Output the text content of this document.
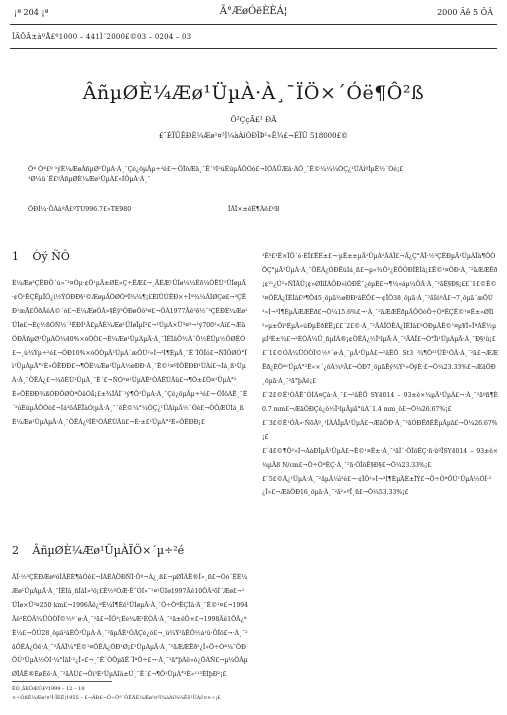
¡ª 204 ¡ª	Ã°ÆøÓëÈÈÁ¦	2000 Äê 5 ÔÂ
ÎÄÕÂ±àºÅ£º1000 – 441Ì´2000£©03 – 0204 – 03
ÂñµØÈ¼Æø¹ÜµÀ·À¸¯ÏÖ×´Óë¶Ô²ß
Ö²ÇçÃ£¹ ÐÂ
£¨ÉÏÛÊÐÈ¼Æø¹¤³Ì¼àÀíÓÐÏÞ¹«Ë¾£¬ÉÏÛ 518000£©
Õª Òª£º ¹ýÈ¼ÆøÂñµØ¹ÜµÀ·À¸¯Çé¿öµÄµ÷²é£¬·ÖÎöÆä¸¯Ê´ºÍ²úÉúµÄÔÒò£¬ÌÖÂÛÆä·ÀÖ¸¯Ê©¼¼¼ÓÇ¿¹ÜÀíºÍµÈ½¨Òé¡£
¹Ø¼ü´Ê£ºÂñµØÈ¼Æø¹ÜµÀ£»ÍÔµÀ·À¸¯
ÖÐÍ¼·ÖÀàºÅ£ºTU996.7£»TE980	ÎÄÏ×±êÊ¶Âë£ºB
1 Òý ÑÔ
È¼Æø³ÇÊÐÖ´ú»¯¹¤Òµ·¢Õ¹µÄ±ØÈ»Ç÷ÊÆ£¬¸ÄÉÆ¹ÜÍø¼¼Êõ¼ÓËÙ¹ÜÍøµÄ·¢Õ¹ÊÇÊµÏÖ¿ì½ÝÓÐÐ§¹©ÆøµÄÖØÒªÍ¾¾¶¡£ÉîÛÚÊÐ×÷Îª¾¼ÃÌØÇø£¬³ÇÊÐ¹æÄ£ÖðÄêÀ©´ó£¬È¼ÆøÓÃ»§Êý³ÖÐøÔö³¤£¬ÖÁ1977Äê³õ½¨³ÇÊÐÈ¼Æø¹ÜÍø£¬Èç½ñÒÑ½¨³ÉÐÍ¹Ä£µÄÈ¼Æø¹ÜÍøÏµÍ³£¬¹ÜµÀ×Ü³¤³¬¹ý700¹«Àï£¬ÆäÖÐÂñµØ¹ÜµÀÕ¼40%×óÓÒ£¬È¼Æø¹ÜµÀµÄ·À¸¯ÎÊÌâÔ½À´Ô½ÊÜµ½ÖØÊÓ£¬¸ù¾Ýµ÷²é£¬ÓÐ10%×óÓÒµÄ¹ÜµÀ´æÔÚ²»Í¬³Ì¶ÈµÄ¸¯Ê´ÏÖÏó£¬ÑÏÖØÓ°Ïì¹ÜµÀµÄ°²È«ÔËÐÐ£¬¶ÔÈ¼Æø¹ÜµÀ½øÐÐ·À¸¯Ê©¹¤ºÍÔËÐÐ¹ÜÀí£¬Ìá¸ß¹ÜµÀ·À¸¯ÖÊÁ¿£¬¼õÉÙ¹ÜµÀ¸¯Ê´£¬ÑÓ³¤¹ÜµÀÊ¹ÓÃÊÙÃü£¬¶Ô±£Ö¤¹ÜµÀ°²È«ÔËÐÐ¾ßÓÐÖØÒªÒâÒå¡£±¾ÎÄÍ¨¹ý¶Ô¹ÜµÀ·À¸¯Çé¿öµÄµ÷²é£¬·ÖÎöÁË¸¯Ê´²úÉúµÄÔÒò£¬Ìá³öÁËÏàÓ¦µÄ·À¸¯´ëÊ©¼°¼ÓÇ¿¹ÜÀíµÄ½¨Òé£¬ÒÔÆÚÌá¸ßÈ¼Æø¹ÜµÀµÄ·À¸¯ÖÊÁ¿ºÍÊ¹ÓÃÊÙÃü£¬È·±£¹ÜµÀ°²È«ÔËÐÐ¡£
2 ÂñµØÈ¼Æø¹ÜµÀÏÖ×´µ÷²é
ÄÏ·½³ÇÊÐÆøºòÎÂÈÈ¶àÓê£¬ÍÁÈÀÖÐÑÎ·Öº¬Á¿¸ß£¬µØÏÂË®Î»¸ß£¬Òò´ËÈ¼Æø¹ÜµÀµÄ·À¸¯ÎÊÌâ¸ñÍâÍ»³ö¡£É½ºÓÆ·Ê¯ÓÍ»¯¹¤¹ÜÍø1997Äê10ÔÂ³õÍ¨Æø£¬¹ÜÍø×Ü³¤250 km£¬1996Äê¿ªÊ¼Í¶Èë¹ÜÍøµÄ·À¸¯Ö÷ÒªÊÇÍâ·À¸¯Ê©¹¤£¬1994Äê²ÉÓÃ¾ÛÒÒÏ©½º´ø·À¸¯²ã£¬ÏÖ³¡Éè¼Æ²ÉÓÃ·À¸¯²ã±êÖ×£¬1998Äê1ÔÂ¿ªÊ¼£¬ÔÚ28¸öµã²âÊÔ¹ÜµÀ·À¸¯²ãµÄÊ¹ÓÃÇé¿ö£¬¸ù¾Ý²âÊÔ½á¹û·ÖÎö£¬·À¸¯²ãÖÊÁ¿Óë·À¸¯²ÄÁÏ¼°Ê©¹¤ÖÊÁ¿ÓÐ¹Ø¡£¹ÜµÀµÄ·À¸¯²ãÆÆËð²¿Î»Ö÷Òª¼¯ÖÐÔÚ¹ÜµÀ½ÓÍ·¼°ÍäÍ·²¿Î»£¬¸¯Ê´ÒÔµãÊ´ÎªÖ÷£¬·À¸¯²ã°þÀë»ò¿ÕÁÑ£¬µ¼ÖÂµØÏÂË®ÉøÈë·À¸¯²ãÄÚ£¬Ôì³É¹ÜµÀÍâ±Ú¸¯Ê´£¬¶Ô¹ÜµÀ°²È«¹¹³ÉÍþÐ²¡£
¹Ê³£¹Ê×ÏÖ´ó·ÉÏ£ËÉ±£¬·µÊ±±µÄ¹ÜµÀ²ÄÁÏ£¬Ä¿Ç°ÄÏ·½³ÇÊÐµÄ¹ÜµÀÏà¶ÔÒÔÇ°µÄ¹ÜµÀ·À¸¯ÖÊÁ¿ÓÐËùÌá¸ß£¬µ«¾Ö²¿ÈÔÓÐÎÊÌâ¡£Ê©¹¤ÖÐ·À¸¯²ãÆÆËð¡¢²¹¿Ú²»ÑÏÃÜ¡¢»ØÌîÍÁÖÐ»ìÓÐÊ¯¿éµÈ£¬¶¼»áµ¼ÖÂ·À¸¯²ãÊ§Ð§¡££¨1£©Ê©¹¤ÖÊÁ¿ÎÊÌâ£º¶Ô45¸öµã½øÐÐ²âÊÔ£¬·¢ÏÖ38¸öµã·À¸¯²ãÍêºÃ£¬7¸öµã´æÔÚ²»Í¬³Ì¶ÈµÄÆÆËð£¬Õ¼15.6%£¬·À¸¯²ãÆÆËðµÄÔÒòÖ÷ÒªÊÇÊ©¹¤Ê±»ØÌî²»µ±Ôì³ÉµÄ»úÐµËðÉË¡££¨2£©·À¸¯²ÄÁÏÖÊÁ¿ÎÊÌâ£ºÓÐµÄÊ©¹¤µ¥Î»ÎªÁË½µµÍ³É±¾£¬²ÉÓÃ¼Û¸ñµÍÁ®¡¢ÖÊÁ¿½Ï²îµÄ·À¸¯²ÄÁÏ£¬Ó°Ïì¹ÜµÀµÄ·À¸¯Ð§¹û¡£
£¨1£©ÓÃ¾ÛÒÒÏ©½º´ø·À¸¯µÄ¹ÜµÀ£¬²âÊÔ St3 ¾¶Ô²¹ÜÊ¹ÓÃ·À¸¯²ã£¬ÆÆËð¿ÉÖª¹ÜµÀ°²È«×´¿öÁ¼ºÃ£¬ÓÐ7¸öµãÊý¾Ý²»ÕýÈ·£¬Õ¼23.33%£¬ÆäÖÐ¸öµã·À¸¯²ã°þÀë¡£
£¨2£©Ê¹ÓÃÊ¯ÓÍÁ¤Çà·À¸¯£¬²âÊÔ SY4014 – 93±ê×¼µÄ¹ÜµÀ£¬·À¸¯²ãºñ¶È0.7 mm£¬ÆäÖÐÇé¿ö½Ï²îµÄµã°üÀ¨1.4 mm¸ö£¬Õ¼26.67%¡£
£¨3£©Ê¹ÓÃ»·ÑõÃº¸¹ÍÀÁÏµÄ¹ÜµÀ£¬ÆäÖÐ·À¸¯²ãÓÐËðÉËµÄµã£¬Õ¼26.67%¡£
£¨4£©¶Ô²»Í¬ÀàÐÍµÄ¹ÜµÀ£¬Ê©¹¤Ê±·À¸¯²ãÎ´·ÖÎöÊÇ·ñ·ûºÏSY4014 – 93±ê×¼µÄ8 N/cm£¬Ö÷ÒªÊÇ·À¸¯²ã·ÖÎöÊ§Ð§£¬Õ¼23.33%¡£
£¨5£©Ã¿¹ÜµÀ·À¸¯²ãµÄ¼ì²é£¬·¢ÏÖ²»Í¬³Ì¶ÈµÄÈ±ÏÝ£¬Ö÷ÒªÔÚ¹ÜµÀ½ÓÍ·²¿Î»£¬ÆäÖÐ16¸öµã·À¸¯²ã²»ºÏ¸ñ£¬Õ¼53.33%¡£
ÊÕ¸åÈÕÆÚ£º1999 – 12 – 10
×÷ÕßÈ¼Æø¹¤³Ì·ÏÈÊ¦1955 – £¬ÄÐ£¬Ö÷Òª´ÓÊÂÈ¼Æø¹¤³Ì¼àÀí¼¼Êõ¹ÜÀí¹¤×÷¡£
